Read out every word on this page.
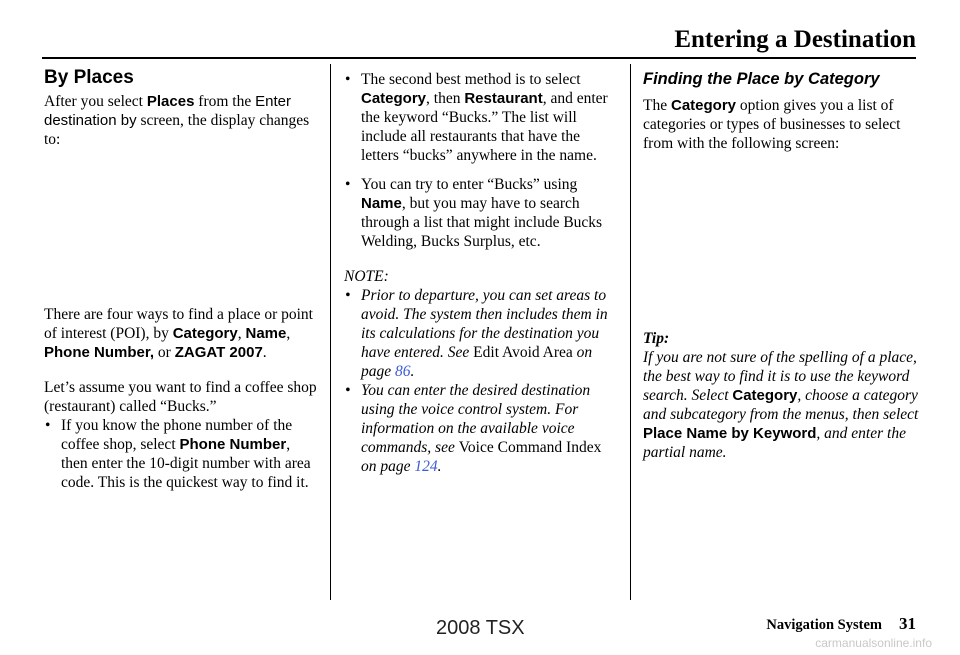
Entering a Destination
By Places

After you select Places from the Enter destination by screen, the display changes to:

There are four ways to find a place or point of interest (POI), by Category, Name, Phone Number, or ZAGAT 2007.

Let’s assume you want to find a coffee shop (restaurant) called “Bucks.”

• If you know the phone number of the coffee shop, select Phone Number, then enter the 10-digit number with area code. This is the quickest way to find it.

• The second best method is to select Category, then Restaurant, and enter the keyword “Bucks.” The list will include all restaurants that have the letters “bucks” anywhere in the name.

• You can try to enter “Bucks” using Name, but you may have to search through a list that might include Bucks Welding, Bucks Surplus, etc.

NOTE:

• Prior to departure, you can set areas to avoid. The system then includes them in its calculations for the destination you have entered. See Edit Avoid Area on page 86.

• You can enter the desired destination using the voice control system. For information on the available voice commands, see Voice Command Index on page 124.

Finding the Place by Category

The Category option gives you a list of categories or types of businesses to select from with the following screen:

Tip:

If you are not sure of the spelling of a place, the best way to find it is to use the keyword search. Select Category, choose a category and subcategory from the menus, then select Place Name by Keyword, and enter the partial name.

Navigation System 31
2008 TSX
carmanualsonline.info
